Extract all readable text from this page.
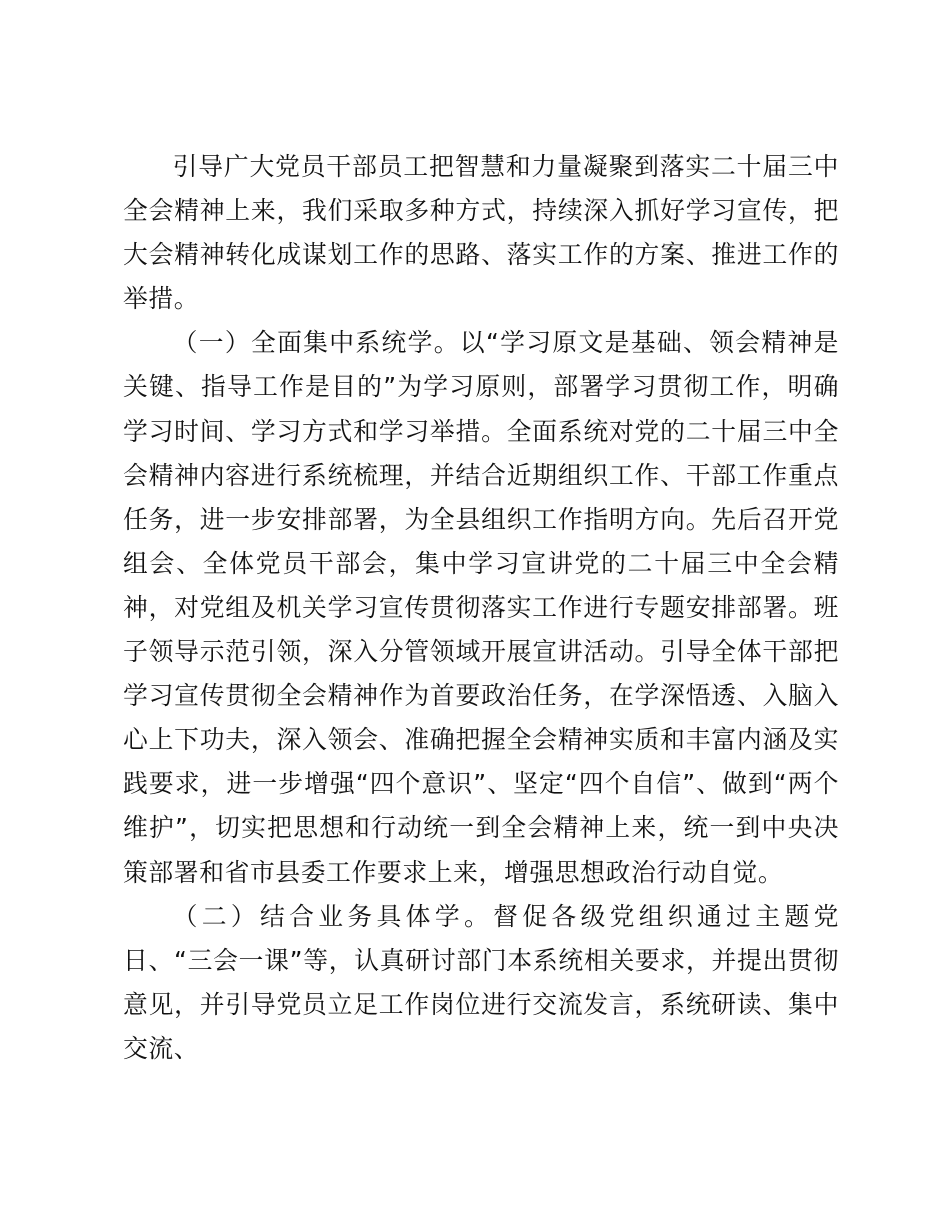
引导广大党员干部员工把智慧和力量凝聚到落实二十届三中全会精神上来，我们采取多种方式，持续深入抓好学习宣传，把大会精神转化成谋划工作的思路、落实工作的方案、推进工作的举措。

（一）全面集中系统学。以“学习原文是基础、领会精神是关键、指导工作是目的”为学习原则，部署学习贯彻工作，明确学习时间、学习方式和学习举措。全面系统对党的二十届三中全会精神内容进行系统梳理，并结合近期组织工作、干部工作重点任务，进一步安排部署，为全县组织工作指明方向。先后召开党组会、全体党员干部会，集中学习宣讲党的二十届三中全会精神，对党组及机关学习宣传贯彻落实工作进行专题安排部署。班子领导示范引领，深入分管领域开展宣讲活动。引导全体干部把学习宣传贯彻全会精神作为首要政治任务，在学深悟透、入脑入心上下功夫，深入领会、准确把握全会精神实质和丰富内涵及实践要求，进一步增强“四个意识”、坚定“四个自信”、做到“两个维护”，切实把思想和行动统一到全会精神上来，统一到中央决策部署和省市县委工作要求上来，增强思想政治行动自觉。

（二）结合业务具体学。督促各级党组织通过主题党日、“三会一课”等，认真研讨部门本系统相关要求，并提出贯彻意见，并引导党员立足工作岗位进行交流发言，系统研读、集中交流、
